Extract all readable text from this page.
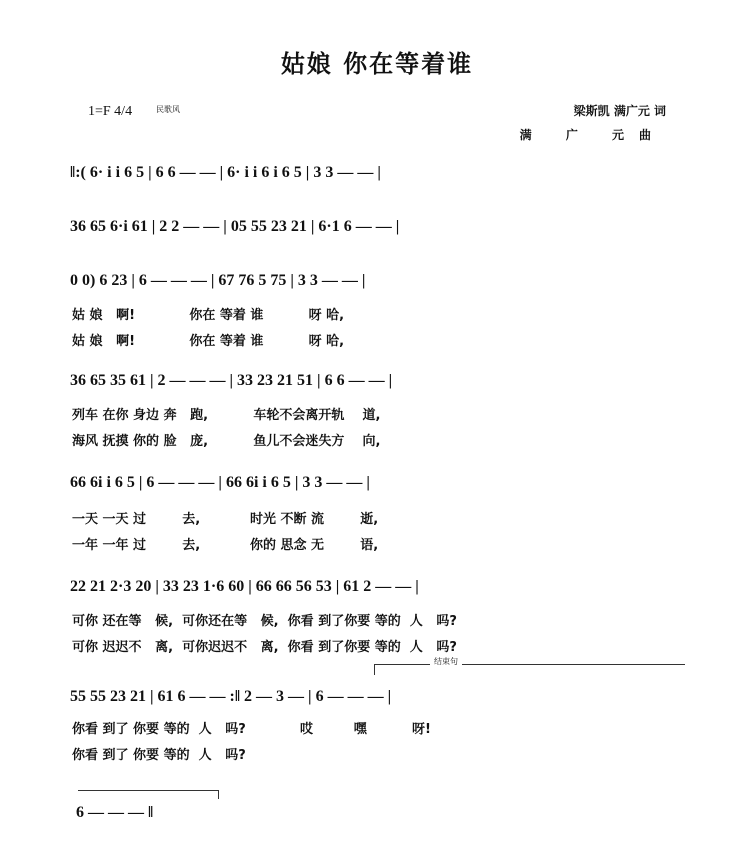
姑娘 你在等着谁
1=F 4/4	民歌风	梁斯凯 满广元 词
满 广 元曲
‖:( 6· i i 6 5 | 6 6 — — | 6· i i 6 i 6 5 | 3 3 — — |
36 65 6·i 61 | 2 2 — — | 05 55 23 21 | 6·1 6 — — |
0 0) 6 23 | 6 — — — | 67 76 5 75 | 3 3 — — |
姑 娘   啊!            你在 等着 谁          呀 哈,
姑 娘   啊!            你在 等着 谁          呀 哈,
36 65 35 61 | 2 — — — | 33 23 21 51 | 6 6 — — |
列车 在你 身边 奔   跑,          车轮不会离开轨    道,
海风 抚摸 你的 脸   庞,          鱼儿不会迷失方    向,
66 6i i 6 5 | 6 — — — | 66 6i i 6 5 | 3 3 — — |
一天 一天 过        去,           时光 不断 流        逝,
一年 一年 过        去,           你的 思念 无        语,
22 21 2·3 20 | 33 23 1·6 60 | 66 66 56 53 | 61 2 — — |
可你 还在等   候,  可你还在等   候,  你看 到了你要 等的  人   吗?
可你 迟迟不   离,  可你迟迟不   离,  你看 到了你要 等的  人   吗?
结束句
55 55 23 21 | 61 6 — — :‖ 2 — 3 — | 6 — — — |
你看 到了 你要 等的  人   吗?            哎         嘿          呀!
你看 到了 你要 等的  人   吗?
6 — — — ‖
